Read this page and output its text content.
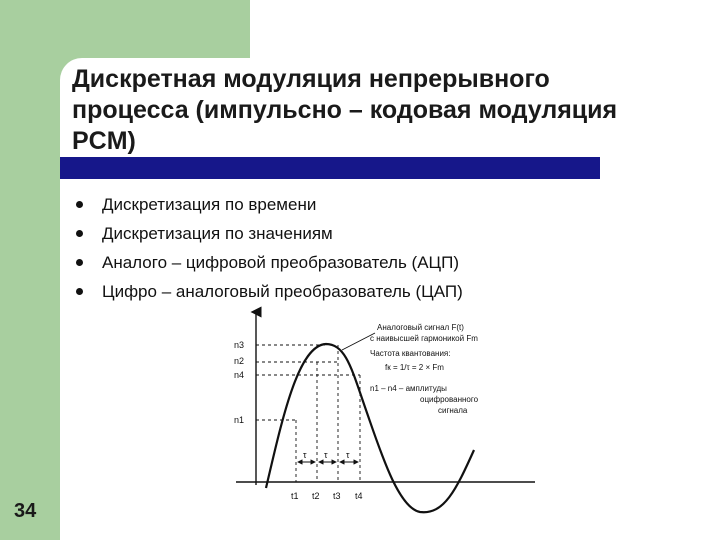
Дискретная модуляция непрерывного процесса (импульсно – кодовая модуляция PCM)
Дискретизация по времени
Дискретизация по значениям
Аналого – цифровой преобразователь (АЦП)
Цифро – аналоговый преобразователь (ЦАП)
34
n3
n2
n4
n1
t1 t2 t3 t4
τ τ τ
Аналоговый сигнал F(t)
с наивысшей гармоникой Fm
Частота квантования:
fк = 1/τ = 2 × Fm
n1 – n4 – амплитуды
оцифрованного
сигнала
